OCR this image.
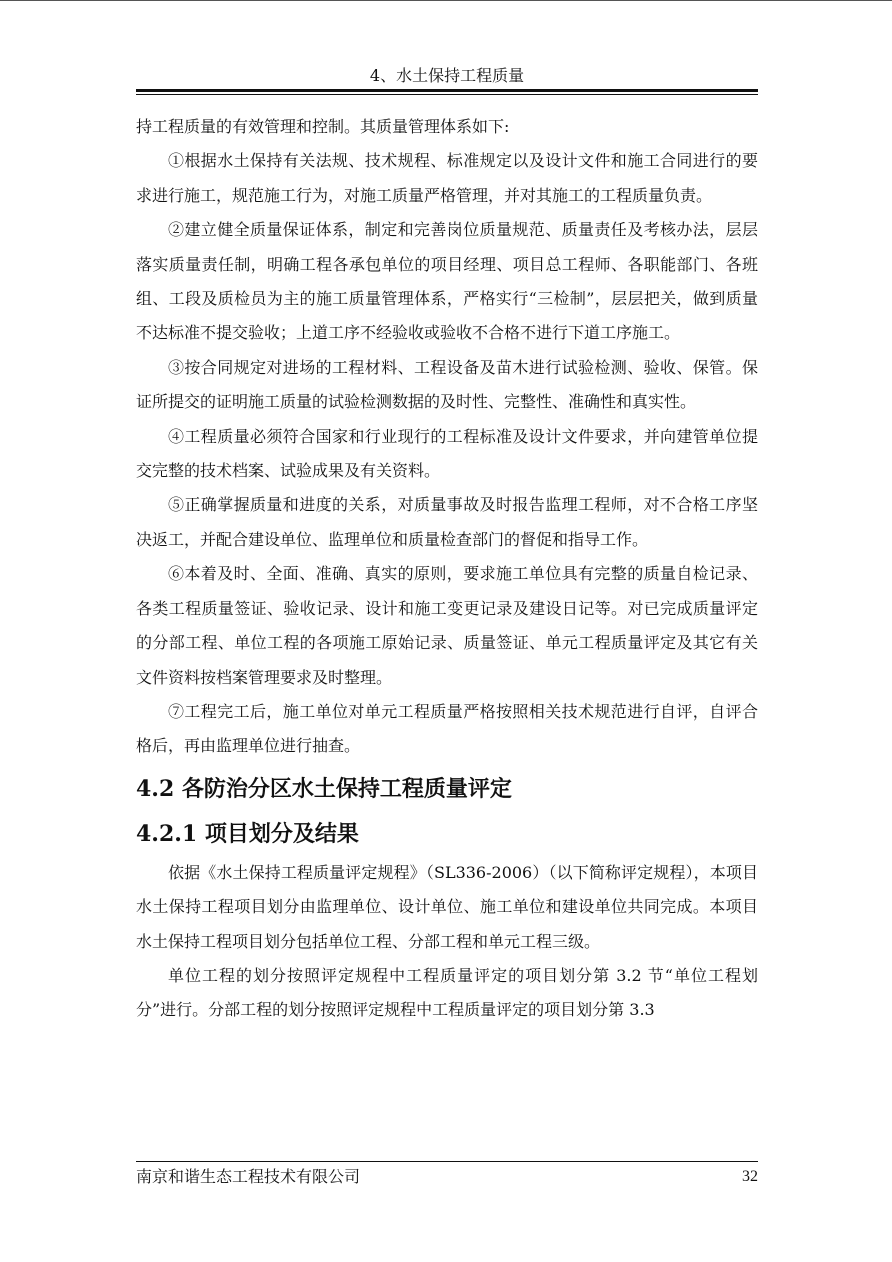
4、水土保持工程质量

持工程质量的有效管理和控制。其质量管理体系如下:

①根据水土保持有关法规、技术规程、标准规定以及设计文件和施工合同进行的要求进行施工，规范施工行为，对施工质量严格管理，并对其施工的工程质量负责。

②建立健全质量保证体系，制定和完善岗位质量规范、质量责任及考核办法，层层落实质量责任制，明确工程各承包单位的项目经理、项目总工程师、各职能部门、各班组、工段及质检员为主的施工质量管理体系，严格实行“三检制”，层层把关，做到质量不达标准不提交验收；上道工序不经验收或验收不合格不进行下道工序施工。

③按合同规定对进场的工程材料、工程设备及苗木进行试验检测、验收、保管。保证所提交的证明施工质量的试验检测数据的及时性、完整性、准确性和真实性。

④工程质量必须符合国家和行业现行的工程标准及设计文件要求，并向建管单位提交完整的技术档案、试验成果及有关资料。

⑤正确掌握质量和进度的关系，对质量事故及时报告监理工程师，对不合格工序坚决返工，并配合建设单位、监理单位和质量检查部门的督促和指导工作。

⑥本着及时、全面、准确、真实的原则，要求施工单位具有完整的质量自检记录、各类工程质量签证、验收记录、设计和施工变更记录及建设日记等。对已完成质量评定的分部工程、单位工程的各项施工原始记录、质量签证、单元工程质量评定及其它有关文件资料按档案管理要求及时整理。

⑦工程完工后，施工单位对单元工程质量严格按照相关技术规范进行自评，自评合格后，再由监理单位进行抽查。

4.2 各防治分区水土保持工程质量评定
4.2.1 项目划分及结果

依据《水土保持工程质量评定规程》（SL336-2006）（以下简称评定规程），本项目水土保持工程项目划分由监理单位、设计单位、施工单位和建设单位共同完成。本项目水土保持工程项目划分包括单位工程、分部工程和单元工程三级。

单位工程的划分按照评定规程中工程质量评定的项目划分第 3.2 节“单位工程划分”进行。分部工程的划分按照评定规程中工程质量评定的项目划分第 3.3

南京和谐生态工程技术有限公司	32
